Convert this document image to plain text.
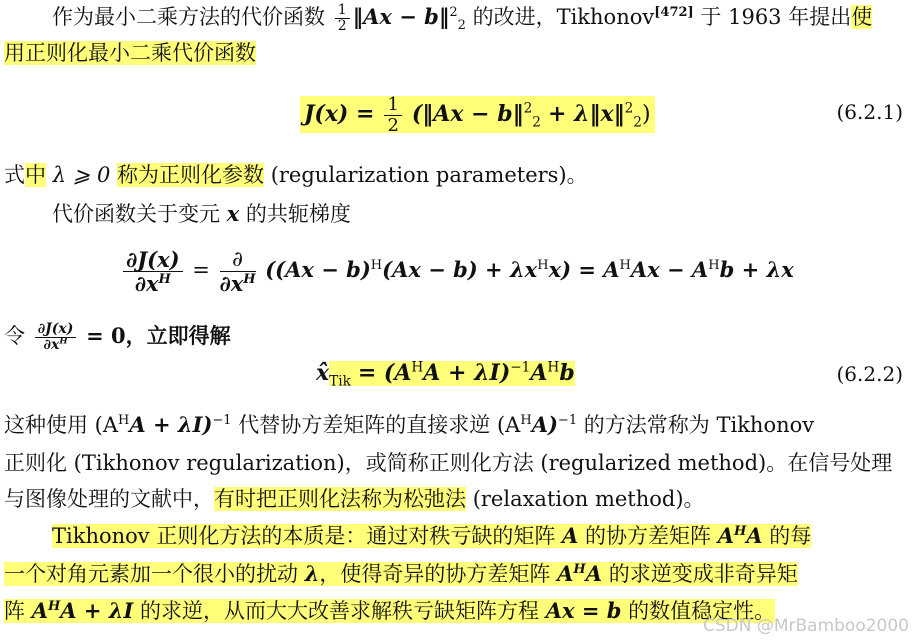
作为最小二乘方法的代价函数 $\frac{1}{2}$ ‖Ax − b‖$^2_2$ 的改进，Tikhonov[472] 于 1963 年提出使
用正则化最小二乘代价函数
$J(x) = \frac{1}{2}$ (‖Ax − b‖$^2_2$ + λ‖x‖$^2_2$)	(6.2.1)
式中 λ ⩾ 0 称为正则化参数 (regularization parameters)。
代价函数关于变元 x 的共轭梯度
$\frac{\partial J(x)}{\partial x^H} = \frac{\partial}{\partial x^H} ((Ax - b)^H(Ax - b) + \lambda x^Hx) = A^HAx - A^Hb + \lambda x$
令 $\frac{\partial J(x)}{\partial x^H} = 0$，立即得解
$x̂_{Tik} = (A^HA + \lambda I)^{-1}A^Hb$	(6.2.2)
这种使用 $(A^HA + \lambda I)^{-1}$ 代替协方差矩阵的直接求逆 $(A^HA)^{-1}$ 的方法常称为 Tikhonov
正则化 (Tikhonov regularization)，或简称正则化方法 (regularized method)。在信号处理
与图像处理的文献中，有时把正则化法称为松弛法 (relaxation method)。
Tikhonov 正则化方法的本质是：通过对秩亏缺的矩阵 A 的协方差矩阵 $A^HA$ 的每
一个对角元素加一个很小的扰动 λ，使得奇异的协方差矩阵 $A^HA$ 的求逆变成非奇异矩
阵 $A^HA + \lambda I$ 的求逆，从而大大改善求解秩亏缺矩阵方程 Ax = b 的数值稳定性。
CSDN @MrBamboo2000
